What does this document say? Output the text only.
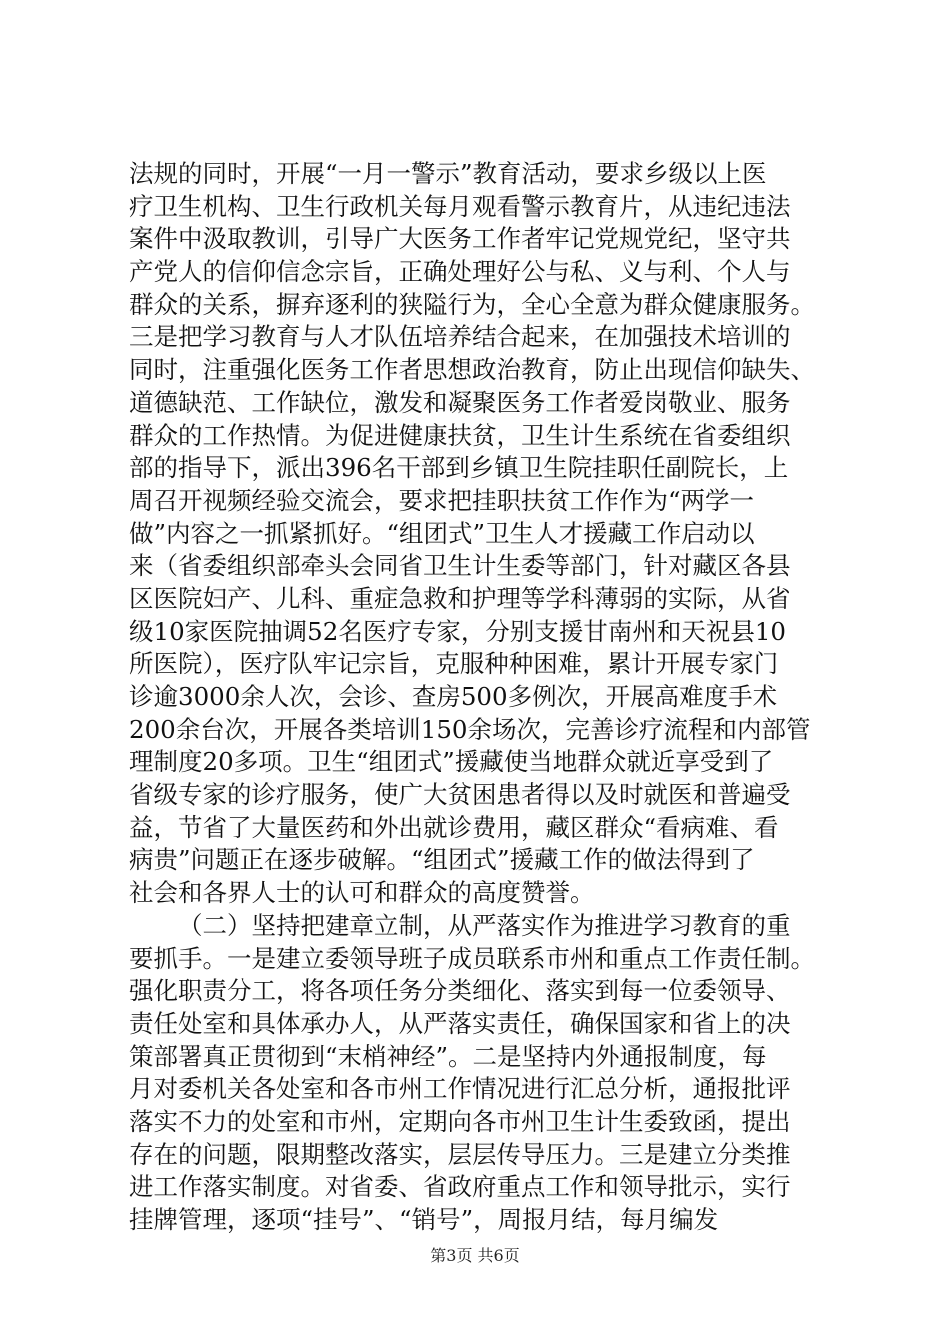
法规的同时，开展“一月一警示”教育活动，要求乡级以上医
疗卫生机构、卫生行政机关每月观看警示教育片，从违纪违法
案件中汲取教训，引导广大医务工作者牢记党规党纪，坚守共
产党人的信仰信念宗旨，正确处理好公与私、义与利、个人与
群众的关系，摒弃逐利的狭隘行为，全心全意为群众健康服务。
三是把学习教育与人才队伍培养结合起来，在加强技术培训的
同时，注重强化医务工作者思想政治教育，防止出现信仰缺失、
道德缺范、工作缺位，激发和凝聚医务工作者爱岗敬业、服务
群众的工作热情。为促进健康扶贫，卫生计生系统在省委组织
部的指导下，派出396名干部到乡镇卫生院挂职任副院长，上
周召开视频经验交流会，要求把挂职扶贫工作作为“两学一
做”内容之一抓紧抓好。“组团式”卫生人才援藏工作启动以
来（省委组织部牵头会同省卫生计生委等部门，针对藏区各县
区医院妇产、儿科、重症急救和护理等学科薄弱的实际，从省
级10家医院抽调52名医疗专家，分别支援甘南州和天祝县10
所医院），医疗队牢记宗旨，克服种种困难，累计开展专家门
诊逾3000余人次，会诊、查房500多例次，开展高难度手术
200余台次，开展各类培训150余场次，完善诊疗流程和内部管
理制度20多项。卫生“组团式”援藏使当地群众就近享受到了
省级专家的诊疗服务，使广大贫困患者得以及时就医和普遍受
益，节省了大量医药和外出就诊费用，藏区群众“看病难、看
病贵”问题正在逐步破解。“组团式”援藏工作的做法得到了
社会和各界人士的认可和群众的高度赞誉。
（二）坚持把建章立制，从严落实作为推进学习教育的重
要抓手。一是建立委领导班子成员联系市州和重点工作责任制。
强化职责分工，将各项任务分类细化、落实到每一位委领导、
责任处室和具体承办人，从严落实责任，确保国家和省上的决
策部署真正贯彻到“末梢神经”。二是坚持内外通报制度，每
月对委机关各处室和各市州工作情况进行汇总分析，通报批评
落实不力的处室和市州，定期向各市州卫生计生委致函，提出
存在的问题，限期整改落实，层层传导压力。三是建立分类推
进工作落实制度。对省委、省政府重点工作和领导批示，实行
挂牌管理，逐项“挂号”、“销号”，周报月结，每月编发
第3页 共6页
